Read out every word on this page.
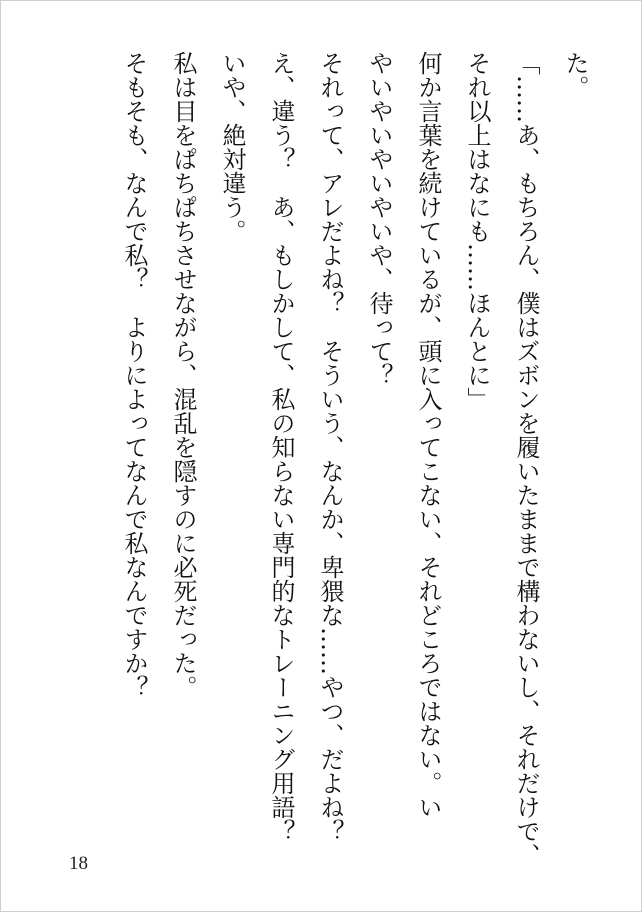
た。

「……あ、もちろん、僕はズボンを履いたままで構わないし、それだけで、

それ以上はなにも……ほんとに」

何か言葉を続けているが、頭に入ってこない、それどころではない。い

やいやいやいやいや、待って？

それって、アレだよね？　そういう、なんか、卑猥な……やつ、だよね？

え、違う？　あ、もしかして、私の知らない専門的なトレーニング用語？

いや、絶対違う。

私は目をぱちぱちさせながら、混乱を隠すのに必死だった。

そもそも、なんで私？　よりによってなんで私なんですか？

18
